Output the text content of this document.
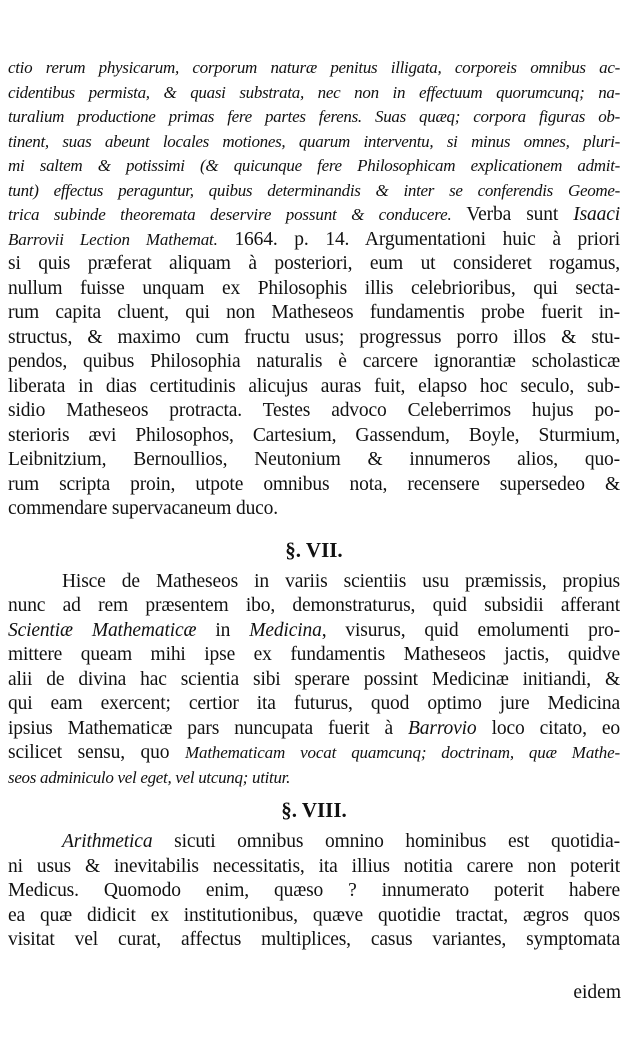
ctio rerum physicarum, corporum naturæ penitus illigata, corporeis omnibus ac-
cidentibus permista, & quasi substrata, nec non in effectuum quorumcunq; na-
turalium productione primas fere partes ferens. Suas quæq; corpora figuras ob-
tinent, suas abeunt locales motiones, quarum interventu, si minus omnes, pluri-
mi saltem & potissimi (& quicunque fere Philosophicam explicationem admit-
tunt) effectus peraguntur, quibus determinandis & inter se conferendis Geome-
trica subinde theoremata deservire possunt & conducere. Verba sunt Isaaci
Barrovii Lection Mathemat. 1664. p. 14. Argumentationi huic à priori
si quis præferat aliquam à posteriori, eum ut consideret rogamus,
nullum fuisse unquam ex Philosophis illis celebrioribus, qui secta-
rum capita cluent, qui non Matheseos fundamentis probe fuerit in-
structus, & maximo cum fructu usus; progressus porro illos & stu-
pendos, quibus Philosophia naturalis è carcere ignorantiæ scholasticæ
liberata in dias certitudinis alicujus auras fuit, elapso hoc seculo, sub-
sidio Matheseos protracta. Testes advoco Celeberrimos hujus po-
sterioris ævi Philosophos, Cartesium, Gassendum, Boyle, Sturmium,
Leibnitzium, Bernoullios, Neutonium & innumeros alios, quo-
rum scripta proin, utpote omnibus nota, recensere supersedeo &
commendare supervacaneum duco.
§. VII.
Hisce de Matheseos in variis scientiis usu præmissis, propius
nunc ad rem præsentem ibo, demonstraturus, quid subsidii afferant
Scientiæ Mathematicæ in Medicina, visurus, quid emolumenti pro-
mittere queam mihi ipse ex fundamentis Matheseos jactis, quidve
alii de divina hac scientia sibi sperare possint Medicinæ initiandi, &
qui eam exercent; certior ita futurus, quod optimo jure Medicina
ipsius Mathematicæ pars nuncupata fuerit à Barrovio loco citato, eo
scilicet sensu, quo Mathematicam vocat quamcunq; doctrinam, quæ Mathe-
seos adminiculo vel eget, vel utcunq; utitur.
§. VIII.
Arithmetica sicuti omnibus omnino hominibus est quotidia-
ni usus & inevitabilis necessitatis, ita illius notitia carere non poterit
Medicus. Quomodo enim, quæso ? innumerato poterit habere
ea quæ didicit ex institutionibus, quævе quotidie tractat, ægros quos
visitat vel curat, affectus multiplices, casus variantes, symptomata
eidem
